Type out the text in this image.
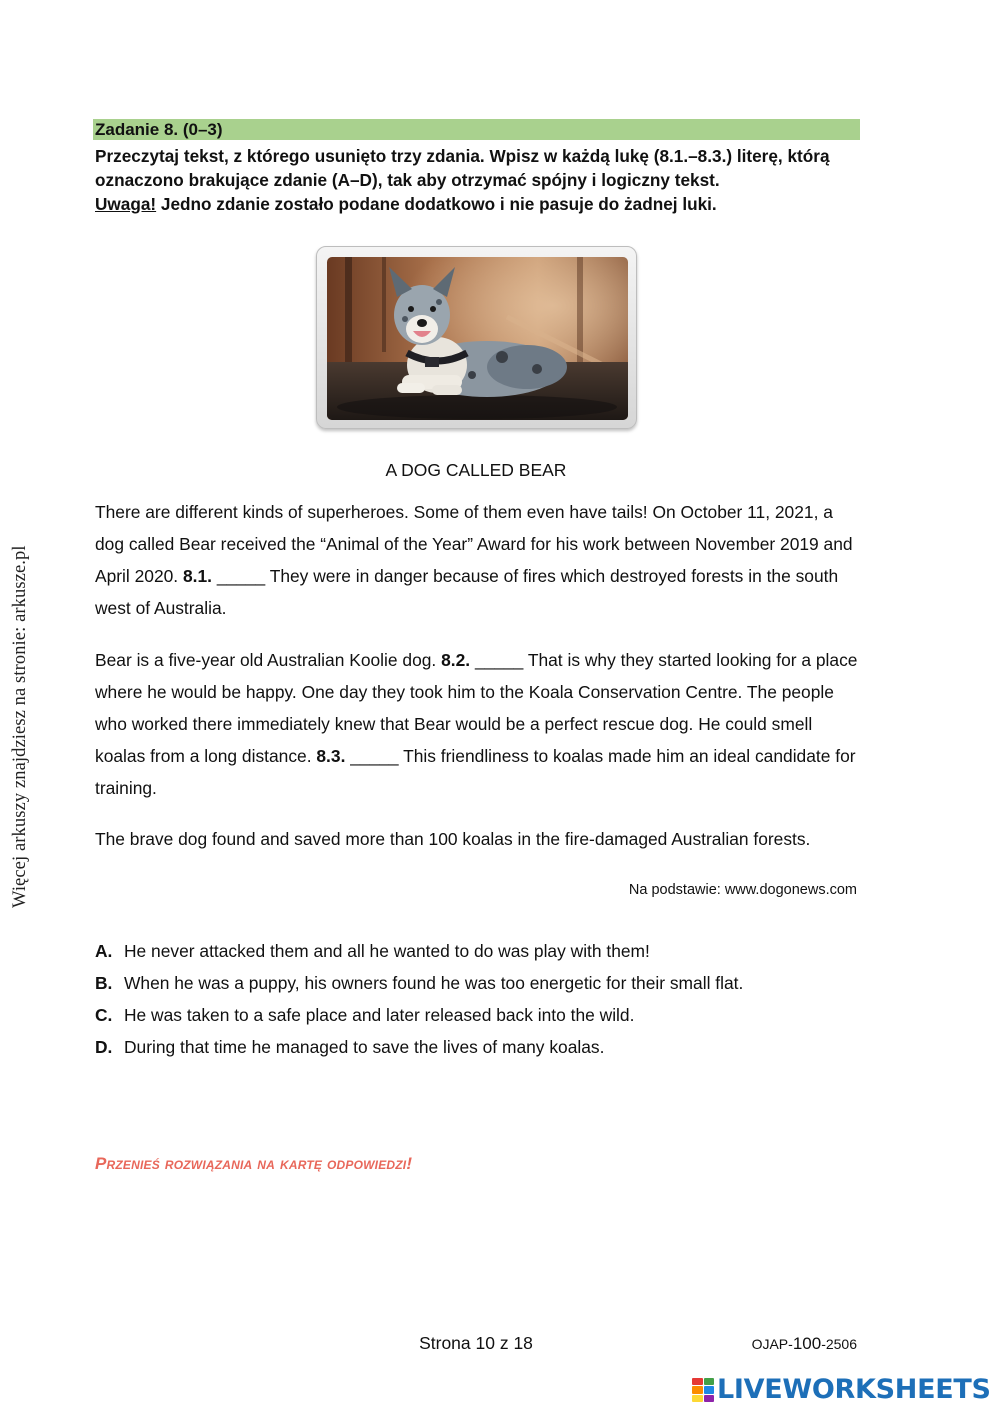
Więcej arkuszy znajdziesz na stronie: arkusze.pl
Zadanie 8. (0–3)
Przeczytaj tekst, z którego usunięto trzy zdania. Wpisz w każdą lukę (8.1.–8.3.) literę, którą oznaczono brakujące zdanie (A–D), tak aby otrzymać spójny i logiczny tekst.
Uwaga! Jedno zdanie zostało podane dodatkowo i nie pasuje do żadnej luki.
A DOG CALLED BEAR
There are different kinds of superheroes. Some of them even have tails! On October 11, 2021, a dog called Bear received the “Animal of the Year” Award for his work between November 2019 and April 2020. 8.1. _____ They were in danger because of fires which destroyed forests in the south west of Australia.
Bear is a five-year old Australian Koolie dog. 8.2. _____ That is why they started looking for a place where he would be happy. One day they took him to the Koala Conservation Centre. The people who worked there immediately knew that Bear would be a perfect rescue dog. He could smell koalas from a long distance. 8.3. _____ This friendliness to koalas made him an ideal candidate for training.
The brave dog found and saved more than 100 koalas in the fire-damaged Australian forests.
Na podstawie: www.dogonews.com
A. He never attacked them and all he wanted to do was play with them!
B. When he was a puppy, his owners found he was too energetic for their small flat.
C. He was taken to a safe place and later released back into the wild.
D. During that time he managed to save the lives of many koalas.
Przenieś rozwiązania na kartę odpowiedzi!
Strona 10 z 18	OJAP-100-2506
LIVEWORKSHEETS
